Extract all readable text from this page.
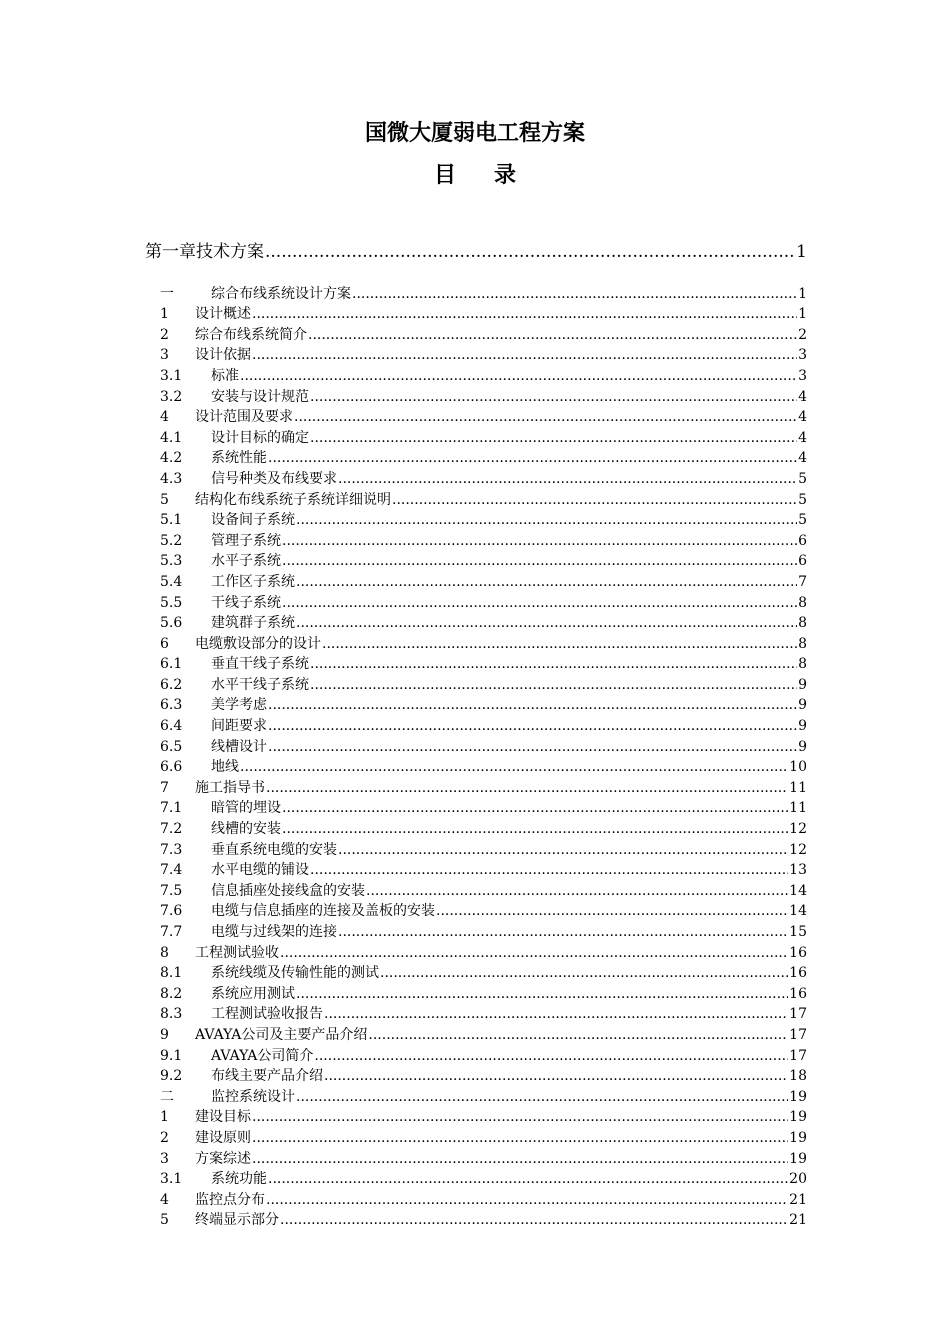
国微大厦弱电工程方案
目录
第一章 技术方案 .....	1
一	综合布线系统设计方案 .....	1
1	设计概述 .....	1
2	综合布线系统简介 .....	2
3	设计依据 .....	3
3.1	标准 .....	3
3.2	安装与设计规范 .....	4
4	设计范围及要求 .....	4
4.1	设计目标的确定 .....	4
4.2	系统性能 .....	4
4.3	信号种类及布线要求 .....	5
5	结构化布线系统子系统详细说明 .....	5
5.1	设备间子系统 .....	5
5.2	管理子系统 .....	6
5.3	水平子系统 .....	6
5.4	工作区子系统 .....	7
5.5	干线子系统 .....	8
5.6	建筑群子系统 .....	8
6	电缆敷设部分的设计 .....	8
6.1	垂直干线子系统 .....	8
6.2	水平干线子系统 .....	9
6.3	美学考虑 .....	9
6.4	间距要求 .....	9
6.5	线槽设计 .....	9
6.6	地线 .....	10
7	施工指导书 .....	11
7.1	暗管的埋设 .....	11
7.2	线槽的安装 .....	12
7.3	垂直系统电缆的安装 .....	12
7.4	水平电缆的铺设 .....	13
7.5	信息插座处接线盒的安装 .....	14
7.6	电缆与信息插座的连接及盖板的安装 .....	14
7.7	电缆与过线架的连接 .....	15
8	工程测试验收 .....	16
8.1	系统线缆及传输性能的测试 .....	16
8.2	系统应用测试 .....	16
8.3	工程测试验收报告 .....	17
9	AVAYA公司及主要产品介绍 .....	17
9.1	AVAYA公司简介 .....	17
9.2	布线主要产品介绍 .....	18
二	监控系统设计 .....	19
1	建设目标 .....	19
2	建设原则 .....	19
3	方案综述 .....	19
3.1	系统功能 .....	20
4	监控点分布 .....	21
5	终端显示部分 .....	21
